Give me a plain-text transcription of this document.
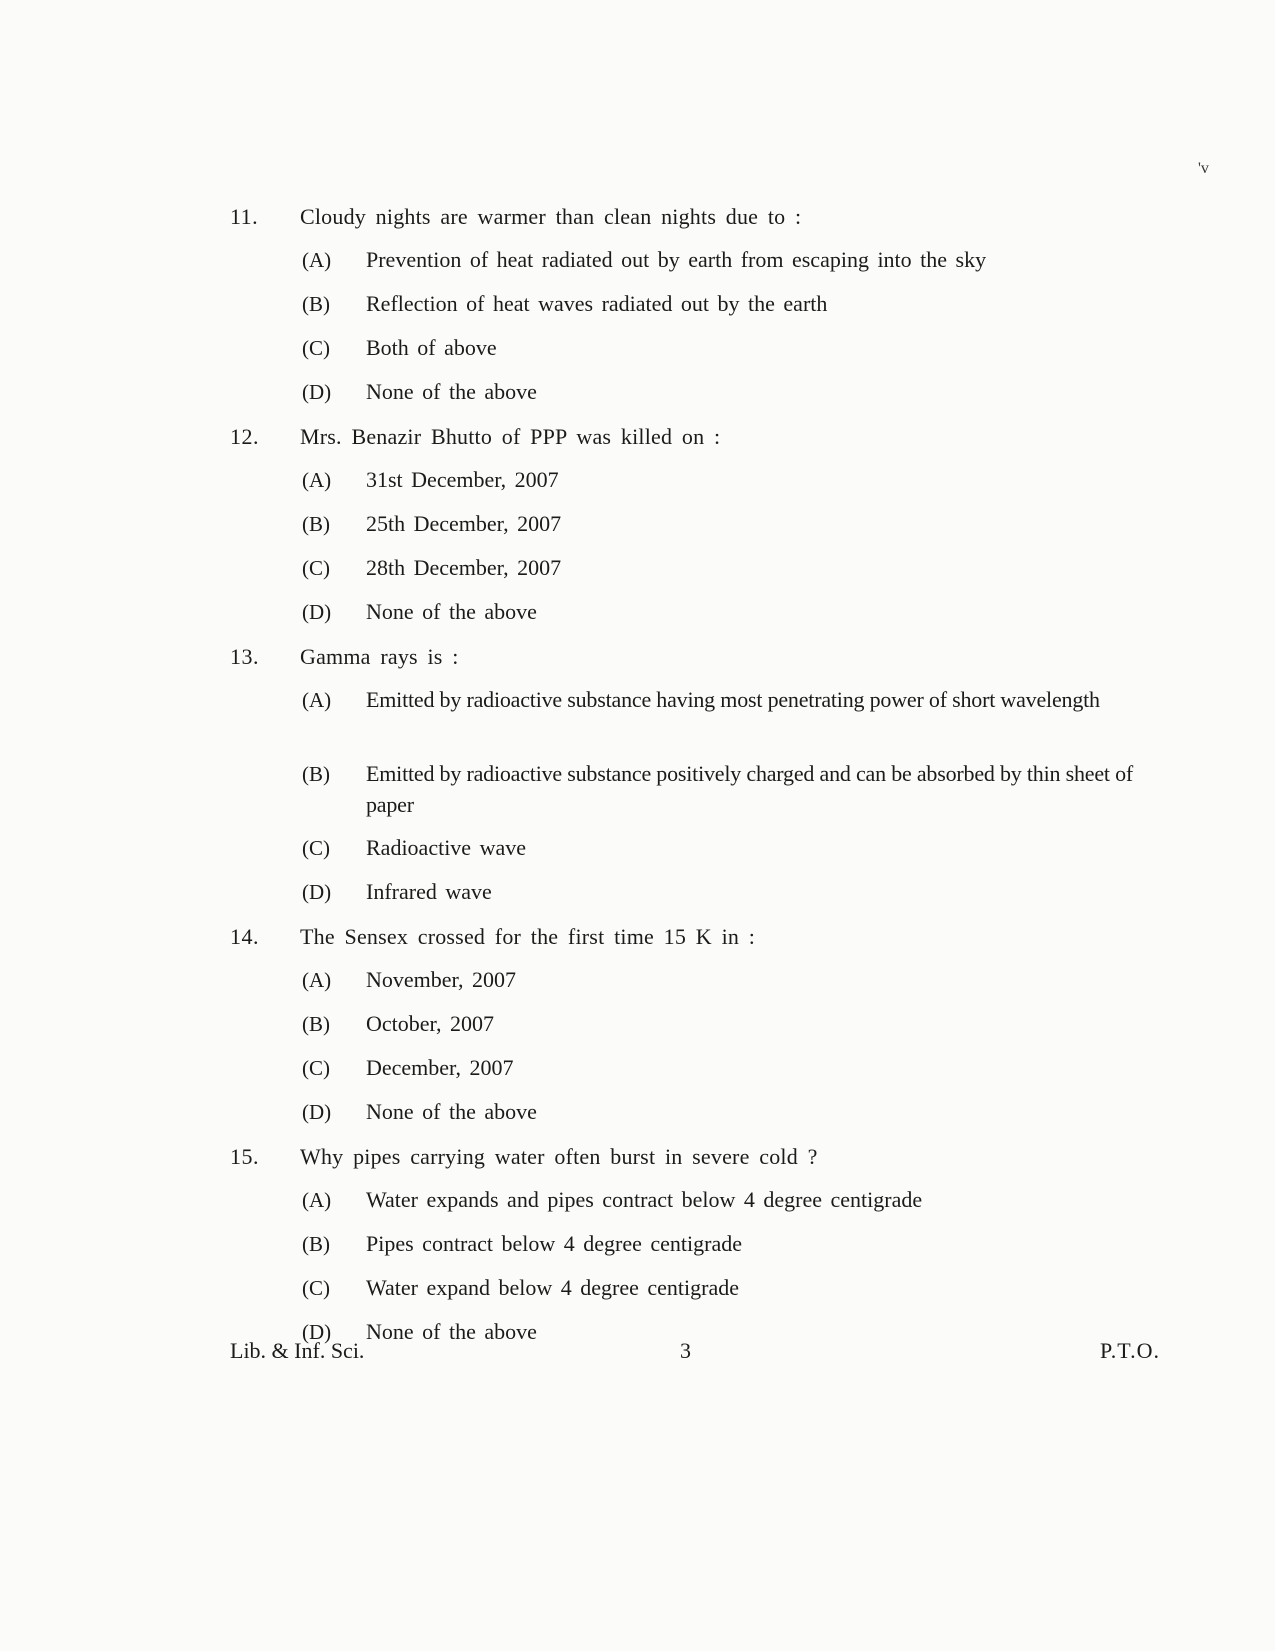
'v
11.	Cloudy nights are warmer than clean nights due to :
(A)	Prevention of heat radiated out by earth from escaping into the sky
(B)	Reflection of heat waves radiated out by the earth
(C)	Both of above
(D)	None of the above
12.	Mrs. Benazir Bhutto of PPP was killed on :
(A)	31st December, 2007
(B)	25th December, 2007
(C)	28th December, 2007
(D)	None of the above
13.	Gamma rays is :
(A)	Emitted by radioactive substance having most penetrating power of short wavelength
(B)	Emitted by radioactive substance positively charged and can be absorbed by thin sheet of paper
(C)	Radioactive wave
(D)	Infrared wave
14.	The Sensex crossed for the first time 15 K in :
(A)	November, 2007
(B)	October, 2007
(C)	December, 2007
(D)	None of the above
15.	Why pipes carrying water often burst in severe cold ?
(A)	Water expands and pipes contract below 4 degree centigrade
(B)	Pipes contract below 4 degree centigrade
(C)	Water expand below 4 degree centigrade
(D)	None of the above
Lib. & Inf. Sci.	3	P.T.O.
